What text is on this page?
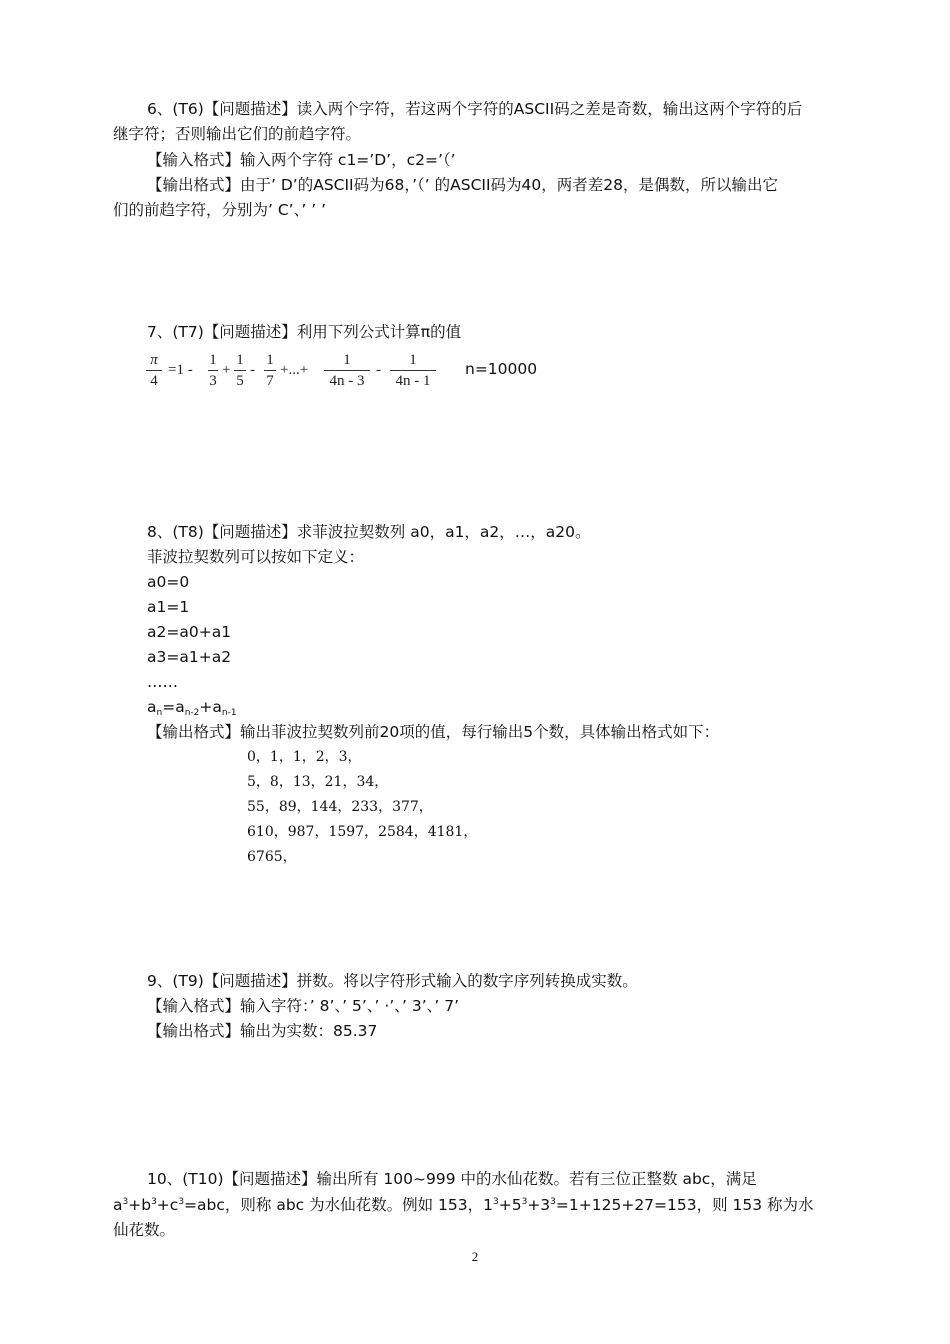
6、(T6)【问题描述】读入两个字符，若这两个字符的ASCII码之差是奇数，输出这两个字符的后
继字符；否则输出它们的前趋字符。
【输入格式】输入两个字符 c1=’D’，c2=’（’
【输出格式】由于’ D’的ASCII码为68，’（’ 的ASCII码为40，两者差28，是偶数，所以输出它
们的前趋字符，分别为’ C’、’ ’ ’
7、(T7)【问题描述】利用下列公式计算π的值
π
4
=1 -
1
3
+
1
5
-
1
7
+...+
1
4n - 3
-
1
4n - 1
n=10000
8、(T8)【问题描述】求菲波拉契数列 a0，a1，a2，…，a20。
菲波拉契数列可以按如下定义：
a0=0
a1=1
a2=a0+a1
a3=a1+a2
……
$a_n=a_{n-2}+a_{n-1}$
【输出格式】输出菲波拉契数列前20项的值，每行输出5个数，具体输出格式如下：
0，1，1，2，3，
5，8，13，21，34，
55，89，144，233，377，
610，987，1597，2584，4181，
6765，
9、(T9)【问题描述】拼数。将以字符形式输入的数字序列转换成实数。
【输入格式】输入字符：’ 8’、’ 5’、’ ·’、’ 3’、’ 7’
【输出格式】输出为实数：85.37
10、(T10)【问题描述】输出所有 100~999 中的水仙花数。若有三位正整数 abc，满足
$a^3+b^3+c^3=abc$，则称 abc 为水仙花数。例如 153，$1^3+5^3+3^3=1+125+27=153$，则 153 称为水
仙花数。
2
